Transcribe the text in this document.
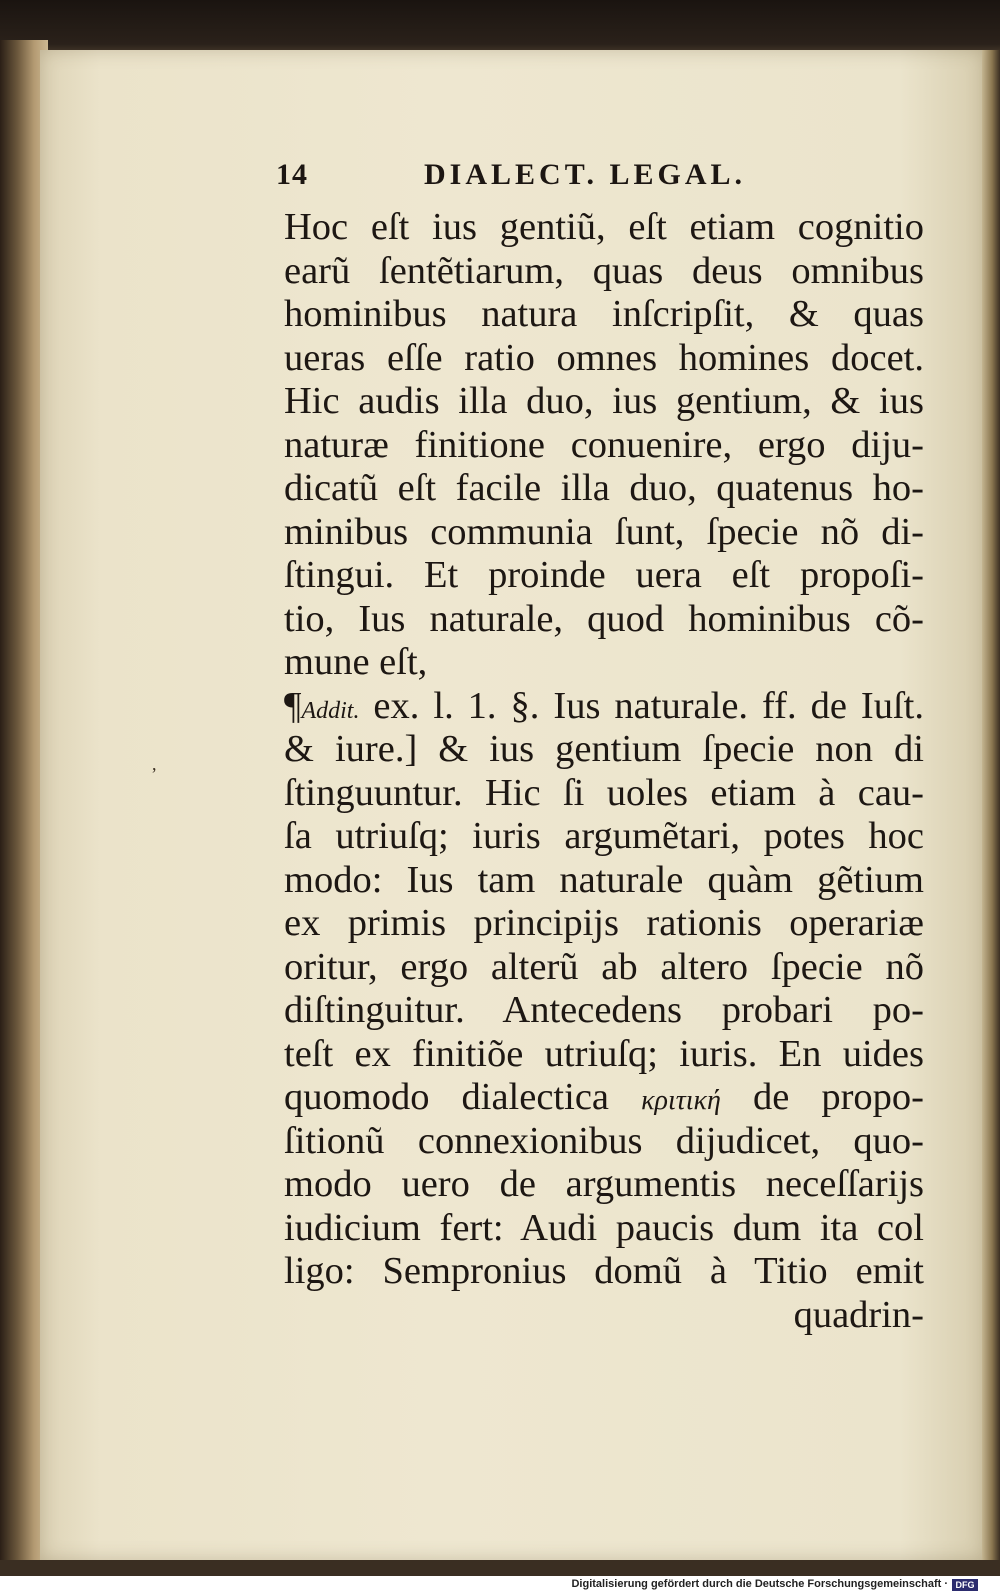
14	DIALECT. LEGAL.
,
Hoc eſt ius gentiũ, eſt etiam cognitio
earũ ſentẽtiarum, quas deus omnibus
hominibus natura inſcripſit, & quas
ueras eſſe ratio omnes homines docet.
Hic audis illa duo, ius gentium, & ius
naturæ finitione conuenire, ergo diju-
dicatũ eſt facile illa duo, quatenus ho-
minibus communia ſunt, ſpecie nõ di-
ſtingui. Et proinde uera eſt propoſi-
tio, Ius naturale, quod hominibus cõ-
mune eſt,
¶Addit. ex. l. 1. §. Ius naturale. ff. de Iuſt.
& iure.] & ius gentium ſpecie non di
ſtinguuntur. Hic ſi uoles etiam à cau-
ſa utriuſq; iuris argumẽtari, potes hoc
modo: Ius tam naturale quàm gẽtium
ex primis principijs rationis operariæ
oritur, ergo alterũ ab altero ſpecie nõ
diſtinguitur. Antecedens probari po-
teſt ex finitiõe utriuſq; iuris. En uides
quomodo dialectica κριτική de propo-
ſitionũ connexionibus dijudicet, quo-
modo uero de argumentis neceſſarijs
iudicium fert: Audi paucis dum ita col
ligo: Sempronius domũ à Titio emit
quadrin-
Digitalisierung gefördert durch die Deutsche Forschungsgemeinschaft · DFG
